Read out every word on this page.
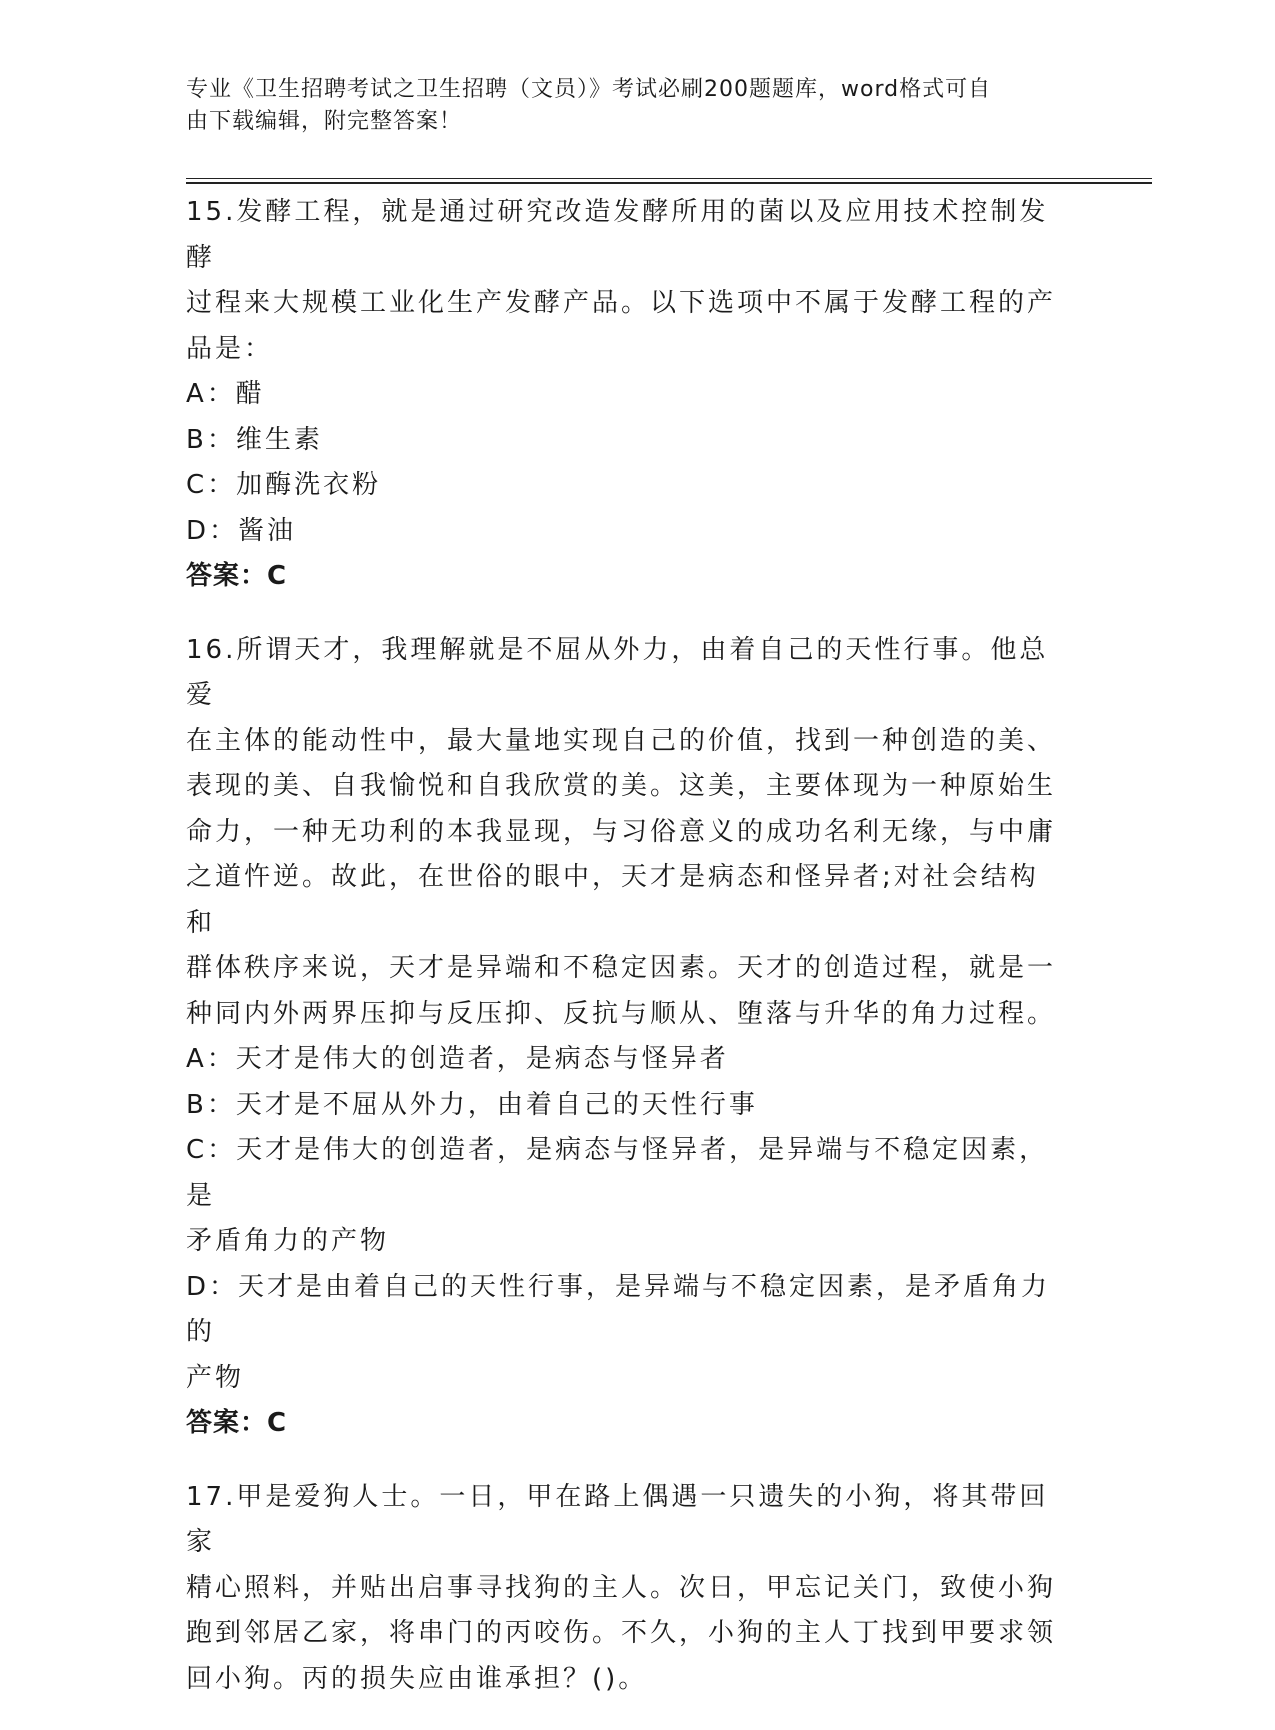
专业《卫生招聘考试之卫生招聘（文员）》考试必刷200题题库，word格式可自
由下载编辑，附完整答案！
15.发酵工程，就是通过研究改造发酵所用的菌以及应用技术控制发酵
过程来大规模工业化生产发酵产品。以下选项中不属于发酵工程的产
品是：
A：醋
B：维生素
C：加酶洗衣粉
D：酱油
答案：C
16.所谓天才，我理解就是不屈从外力，由着自己的天性行事。他总爱
在主体的能动性中，最大量地实现自己的价值，找到一种创造的美、
表现的美、自我愉悦和自我欣赏的美。这美，主要体现为一种原始生
命力，一种无功利的本我显现，与习俗意义的成功名利无缘，与中庸
之道忤逆。故此，在世俗的眼中，天才是病态和怪异者;对社会结构和
群体秩序来说，天才是异端和不稳定因素。天才的创造过程，就是一
种同内外两界压抑与反压抑、反抗与顺从、堕落与升华的角力过程。
A：天才是伟大的创造者，是病态与怪异者
B：天才是不屈从外力，由着自己的天性行事
C：天才是伟大的创造者，是病态与怪异者，是异端与不稳定因素，是
矛盾角力的产物
D：天才是由着自己的天性行事，是异端与不稳定因素，是矛盾角力的
产物
答案：C
17.甲是爱狗人士。一日，甲在路上偶遇一只遗失的小狗，将其带回家
精心照料，并贴出启事寻找狗的主人。次日，甲忘记关门，致使小狗
跑到邻居乙家，将串门的丙咬伤。不久，小狗的主人丁找到甲要求领
回小狗。丙的损失应由谁承担？()。
